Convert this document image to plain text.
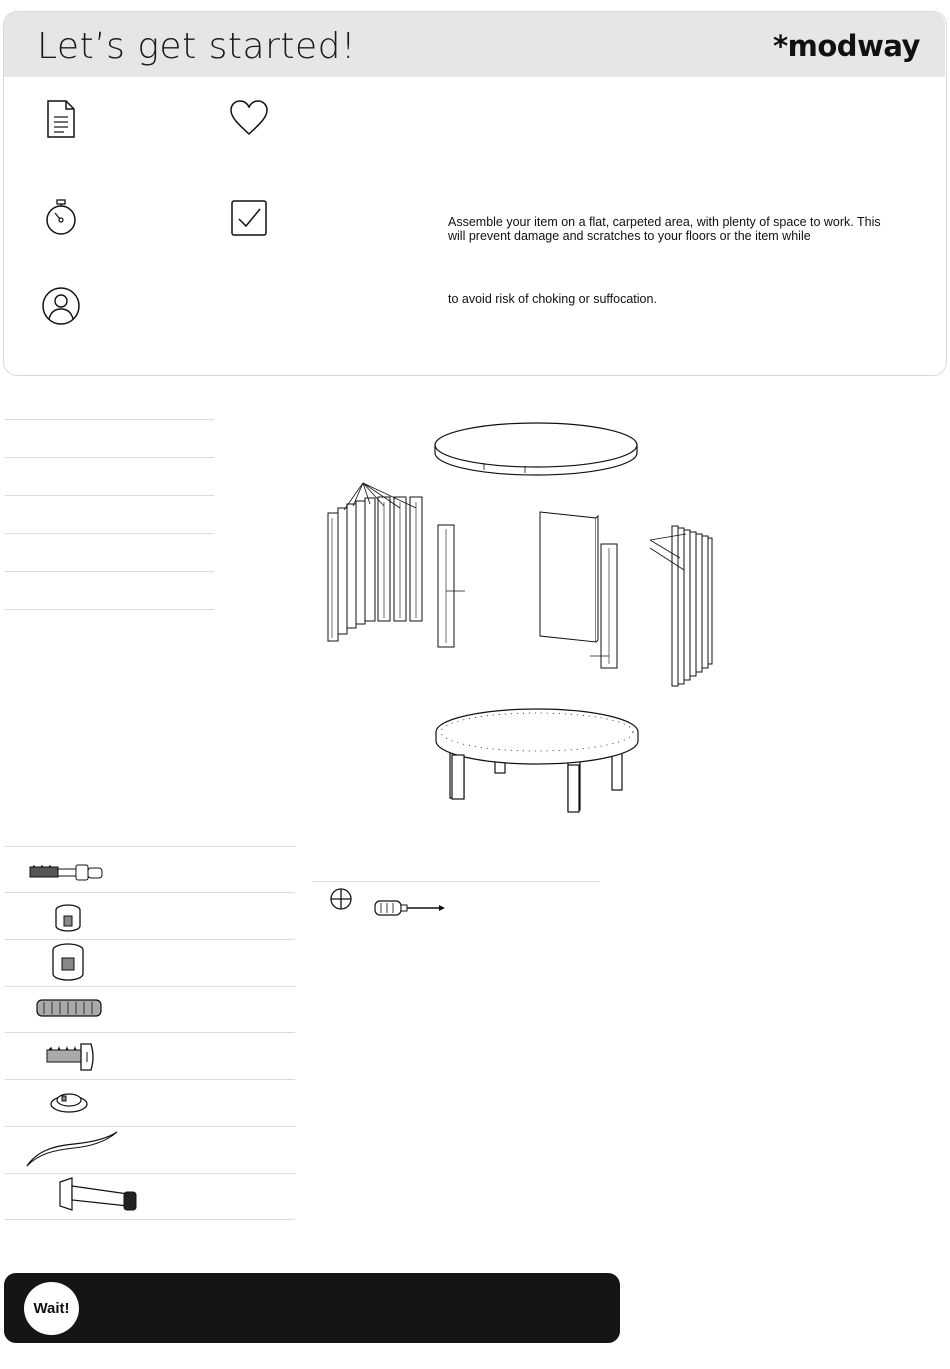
Let’s get started!	*modway
Assemble your item on a flat, carpeted area, with plenty of space to work. This will prevent damage and scratches to your floors or the item while
to avoid risk of choking or suffocation.
Wait!
